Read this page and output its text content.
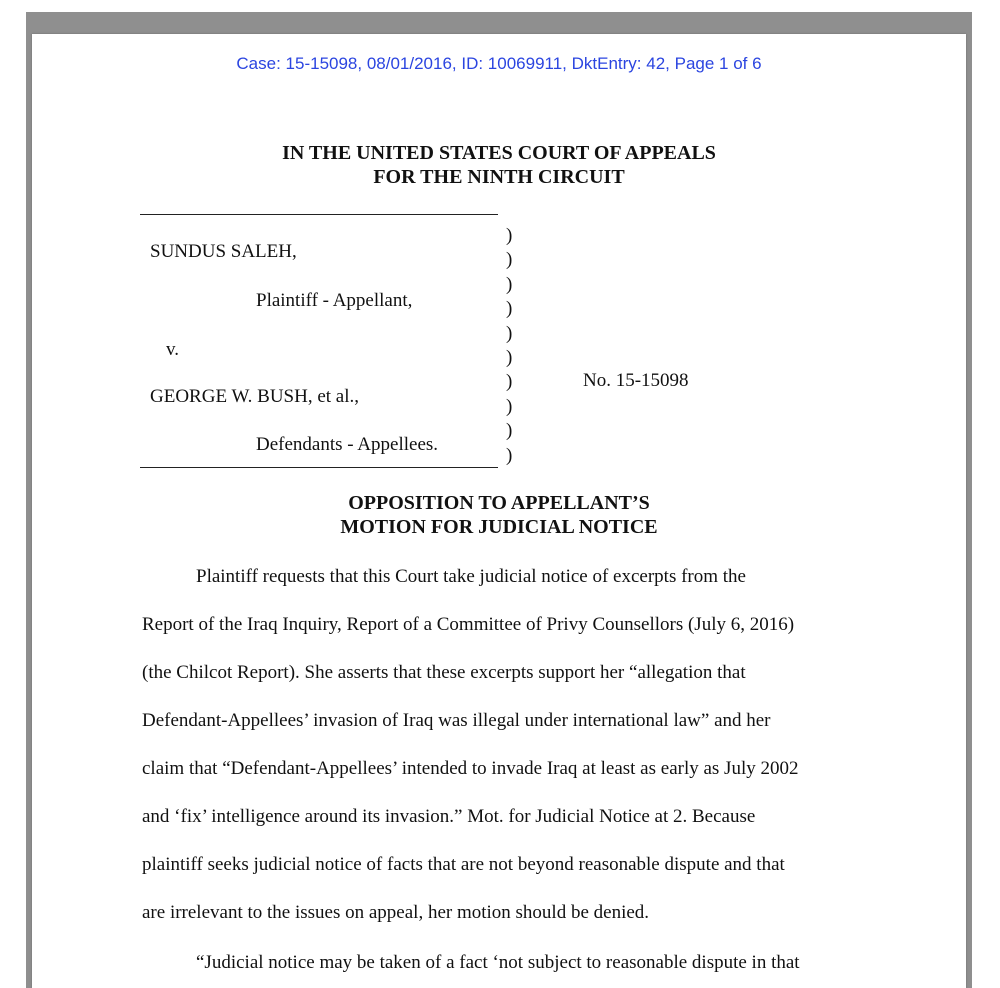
Case: 15-15098, 08/01/2016, ID: 10069911, DktEntry: 42, Page 1 of 6
IN THE UNITED STATES COURT OF APPEALS
FOR THE NINTH CIRCUIT
)
)
)
)
)
)
)
)
)
)
SUNDUS SALEH,
Plaintiff - Appellant,
v.
GEORGE W. BUSH, et al.,
Defendants - Appellees.
No. 15-15098
OPPOSITION TO APPELLANT’S
MOTION FOR JUDICIAL NOTICE
Plaintiff requests that this Court take judicial notice of excerpts from the
Report of the Iraq Inquiry, Report of a Committee of Privy Counsellors (July 6, 2016)
(the Chilcot Report). She asserts that these excerpts support her “allegation that
Defendant-Appellees’ invasion of Iraq was illegal under international law” and her
claim that “Defendant-Appellees’ intended to invade Iraq at least as early as July 2002
and ‘fix’ intelligence around its invasion.” Mot. for Judicial Notice at 2. Because
plaintiff seeks judicial notice of facts that are not beyond reasonable dispute and that
are irrelevant to the issues on appeal, her motion should be denied.
“Judicial notice may be taken of a fact ‘not subject to reasonable dispute in that
